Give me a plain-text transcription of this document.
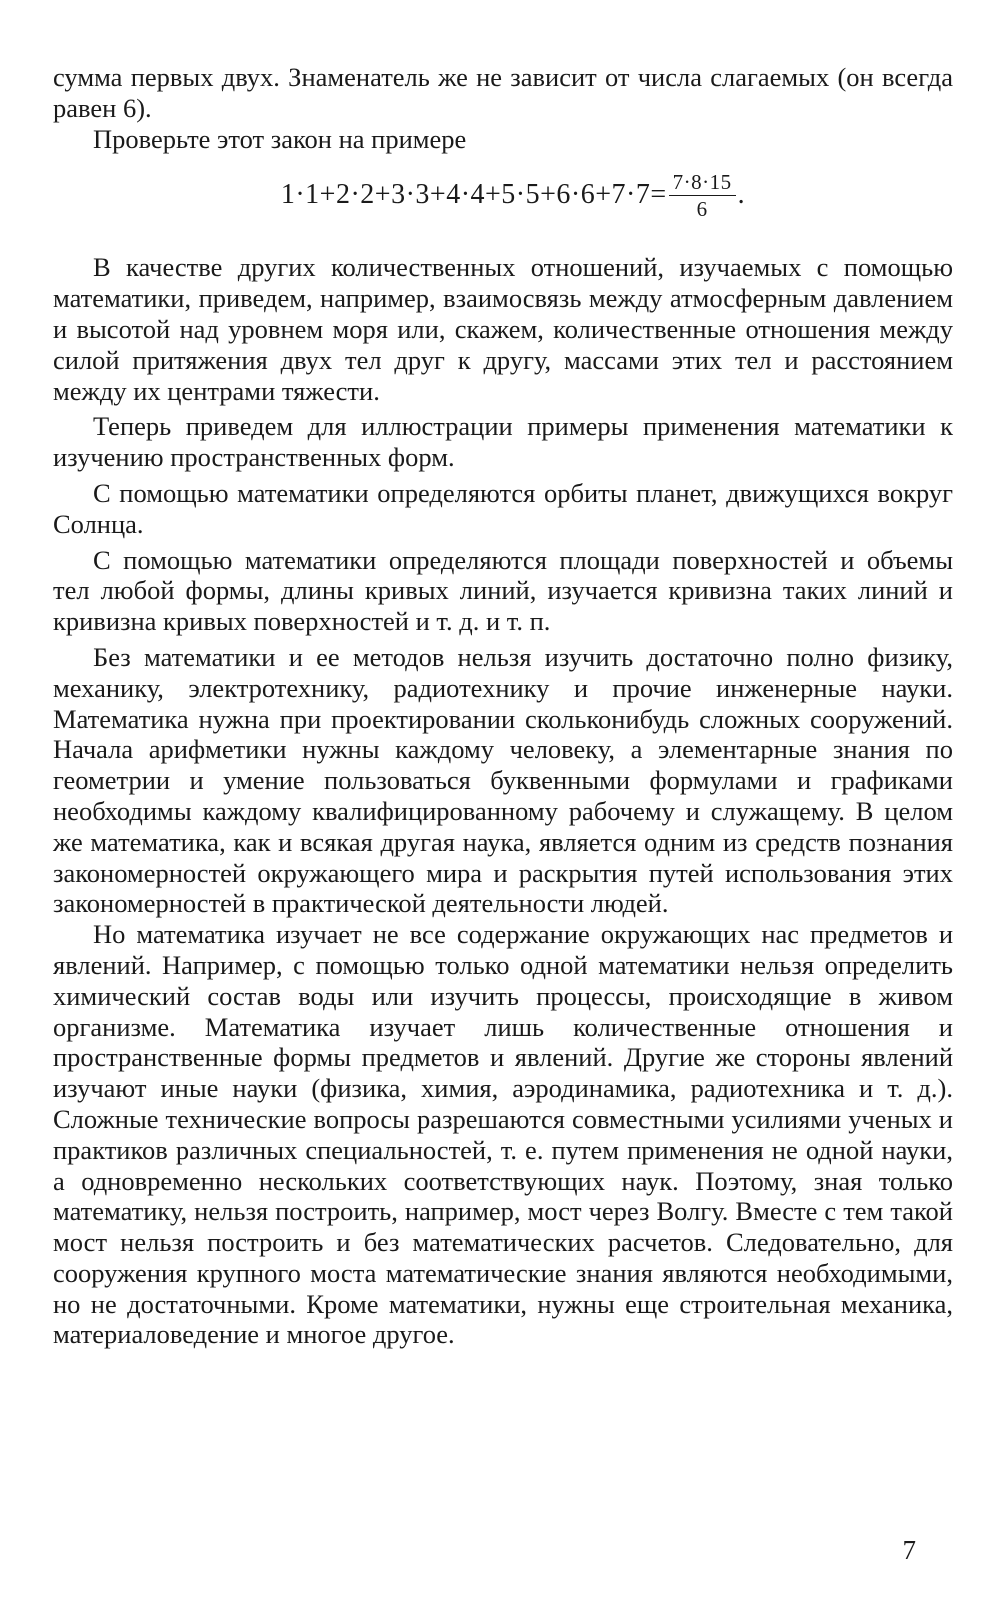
сумма первых двух. Знаменатель же не зависит от числа слагаемых (он всегда равен 6).

Проверьте этот закон на примере

$1\cdot 1+2\cdot 2+3\cdot 3+4\cdot 4+5\cdot 5+6\cdot 6+7\cdot 7= \frac{7\cdot 8\cdot 15}{6}$ .

В качестве других количественных отношений, изучаемых с помощью математики, приведем, например, взаимосвязь между атмосферным давлением и высотой над уровнем моря или, скажем, количественные отношения между силой притяжения двух тел друг к другу, массами этих тел и расстоянием между их центрами тяжести.

Теперь приведем для иллюстрации примеры применения математики к изучению пространственных форм.

С помощью математики определяются орбиты планет, движущихся вокруг Солнца.

С помощью математики определяются площади поверхностей и объемы тел любой формы, длины кривых линий, изучается кривизна таких линий и кривизна кривых поверхностей и т. д. и т. п.

Без математики и ее методов нельзя изучить достаточно полно физику, механику, электротехнику, радиотехнику и прочие инженерные науки. Математика нужна при проектировании скольконибудь сложных сооружений. Начала арифметики нужны каждому человеку, а элементарные знания по геометрии и умение пользоваться буквенными формулами и графиками необходимы каждому квалифицированному рабочему и служащему. В целом же математика, как и всякая другая наука, является одним из средств познания закономерностей окружающего мира и раскрытия путей использования этих закономерностей в практической деятельности людей.

Но математика изучает не все содержание окружающих нас предметов и явлений. Например, с помощью только одной математики нельзя определить химический состав воды или изучить процессы, происходящие в живом организме. Математика изучает лишь количественные отношения и пространственные формы предметов и явлений. Другие же стороны явлений изучают иные науки (физика, химия, аэродинамика, радиотехника и т. д.). Сложные технические вопросы разрешаются совместными усилиями ученых и практиков различных специальностей, т. е. путем применения не одной науки, а одновременно нескольких соответствующих наук. Поэтому, зная только математику, нельзя построить, например, мост через Волгу. Вместе с тем такой мост нельзя построить и без математических расчетов. Следовательно, для сооружения крупного моста математические знания являются необходимыми, но не достаточными. Кроме математики, нужны еще строительная механика, материаловедение и многое другое.

7
